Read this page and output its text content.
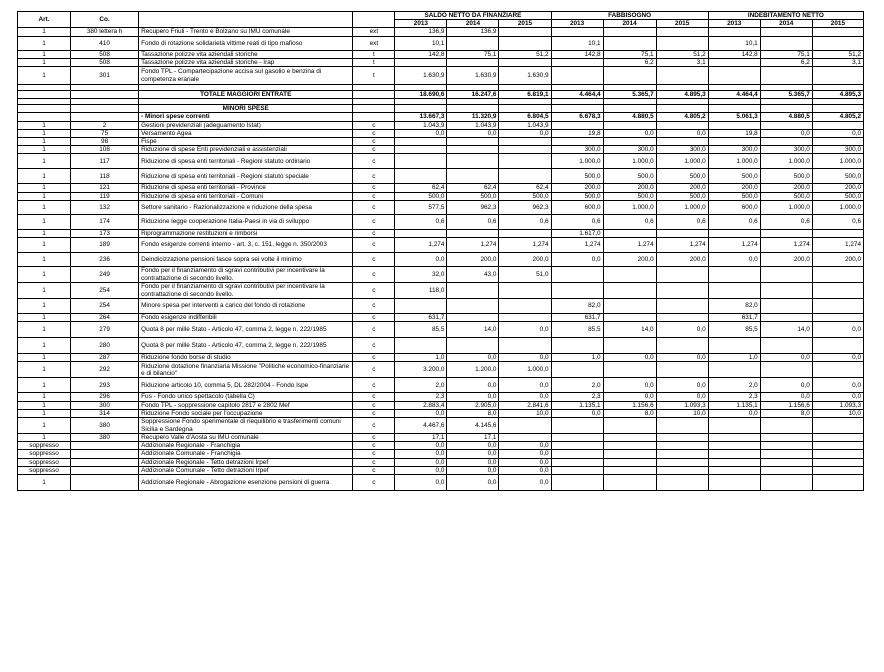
Art.	Co.			SALDO NETTO DA FINANZIARE			FABBISOGNO			INDEBITAMENTO NETTO		
				2013	2014	2015	2013	2014	2015	2013	2014	2015
1	380 lettera h	Recupero Friuli - Trento e Bolzano su IMU comunale	ext	136,9	136,9							
1	410	Fondo di rotazione solidarietà vittime reati di tipo mafioso	ext	10,1			10,1			10,1		
1	508	Tassazione polizze vita aziendali storiche	t	142,8	75,1	51,2	142,8	75,1	51,2	142,8	75,1	51,2
1	508	Tassazione polizze vita aziendali storiche - Irap	t					6,2	3,1		6,2	3,1
1	301	Fondo TPL - Compartecipazione accisa sul gasolio e benzina di competenza erariale	t	1.630,9	1.630,9	1.630,9						

		TOTALE MAGGIORI ENTRATE		18.690,6	16.247,6	6.819,1	4.464,4	5.365,7	4.895,3	4.464,4	5.365,7	4.895,3

		MINORI SPESE										
		- Minori spese correnti		13.667,3	11.320,9	6.804,5	6.678,3	4.880,5	4.805,2	5.061,3	4.880,5	4.805,2
1	2	Gestioni previdenziali (adeguamento Istat)	c	1.043,9	1.043,9	1.043,9						
1	75	Versamento Agea	c	0,0	0,0	0,0	19,8	0,0	0,0	19,8	0,0	0,0
1	98	Fispe	c									
1	108	Riduzione di spese Enti previdenziali e assistenziali	c				300,0	300,0	300,0	300,0	300,0	300,0
1	117	Riduzione di spesa enti territoriali - Regioni statuto ordinario	c				1.000,0	1.000,0	1.000,0	1.000,0	1.000,0	1.000,0
1	118	Riduzione di spesa enti territoriali - Regioni statuto speciale	c				500,0	500,0	500,0	500,0	500,0	500,0
1	121	Riduzione di spesa enti territoriali - Province	c	62,4	62,4	62,4	200,0	200,0	200,0	200,0	200,0	200,0
1	119	Riduzione di spesa enti territoriali - Comuni	c	500,0	500,0	500,0	500,0	500,0	500,0	500,0	500,0	500,0
1	132	Settore sanitario - Razionalizzazione e riduzione della spesa	c	577,5	962,3	962,3	600,0	1.000,0	1.000,0	600,0	1.000,0	1.000,0
1	174	Riduzione legge cooperazione Italia-Paesi in via di sviluppo	c	0,6	0,6	0,6	0,6	0,6	0,6	0,6	0,6	0,6
1	173	Riprogrammazione restituzioni e rimborsi	c				1.617,0					
1	189	Fondo esigenze correnti interno - art. 3, c. 151, legge n. 350/2003	c	1,274	1,274	1,274	1,274	1,274	1,274	1,274	1,274	1,274
1	236	Deindicizzazione pensioni fasce sopra sei volte il minimo	c	0,0	200,0	200,0	0,0	200,0	200,0	0,0	200,0	200,0
1	249	Fondo per il finanziamento di sgravi contributivi per incentivare la contrattazione di secondo livello.	c	32,0	43,0	51,0						
1	254	Fondo per il finanziamento di sgravi contributivi per incentivare la contrattazione di secondo livello.	c	118,0								
1	254	Minore spesa per interventi a carico del fondo di rotazione	c				82,0			82,0		
1	264	Fondo esigenze indifferibili	c	631,7			631,7			631,7		
1	279	Quota 8 per mille Stato - Articolo 47, comma 2, legge n. 222/1985	c	85,5	14,0	0,0	85,5	14,0	0,0	85,5	14,0	0,0
1	280	Quota 8 per mille Stato - Articolo 47, comma 2, legge n. 222/1985	c									
1	287	Riduzione fondo borse di studio	c	1,0	0,0	0,0	1,0	0,0	0,0	1,0	0,0	0,0
1	292	Riduzione dotazione finanziaria Missione "Politiche economico-finanziarie e di bilancio"	c	3.200,0	1.200,0	1.000,0						
1	293	Riduzione articolo 10, comma 5, DL 282/2004 - Fondo Ispe	c	2,0	0,0	0,0	2,0	0,0	0,0	2,0	0,0	0,0
1	296	Fus - Fondo unico spettacolo (tabella C)	c	2,3	0,0	0,0	2,3	0,0	0,0	2,3	0,0	0,0
1	300	Fondo TPL - soppressione capitolo 2817 e 2802 Mef	c	2.883,4	2.905,0	2.841,6	1.135,1	1.156,6	1.093,3	1.135,1	1.156,6	1.093,3
1	314	Riduzione Fondo sociale per l'occupazione	c	0,0	8,0	10,0	0,0	8,0	10,0	0,0	8,0	10,0
1	380	Soppressione Fondo sperimentale di riequilibrio e trasferimenti comuni Sicilia e Sardegna	c	4.467,6	4.145,6							
1	380	Recupero Valle d'Aosta su IMU comunale	c	17,1	17,1							
soppresso		Addizionale Regionale - Franchigia	c	0,0	0,0	0,0						
soppresso		Addizionale Comunale - Franchigia	c	0,0	0,0	0,0						
soppresso		Addizionale Regionale - Tetto detrazioni Irpef	c	0,0	0,0	0,0						
soppresso		Addizionale Comunale - Tetto detrazioni Irpef	c	0,0	0,0	0,0						
1		Addizionale Regionale - Abrogazione esenzione pensioni di guerra	c	0,0	0,0	0,0						
